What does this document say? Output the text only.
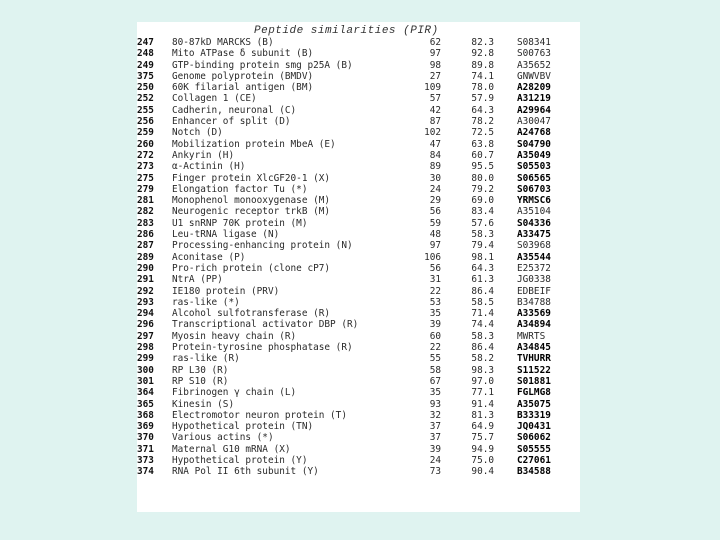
Peptide similarities (PIR)
247	80-87kD MARCKS (B)	62	82.3 S08341
248	Mito ATPase δ subunit (B)	97	92.8 S00763
249	GTP-binding protein smg p25A (B)	98	89.8 A35652
375	Genome polyprotein (BMDV)	27	74.1 GNWVBV
250	60K filarial antigen (BM)	109	78.0 A28209
252	Collagen 1 (CE)	57	57.9 A31219
255	Cadherin, neuronal (C)	42	64.3 A29964
256	Enhancer of split (D)	87	78.2 A30047
259	Notch (D)	102	72.5 A24768
260	Mobilization protein MbeA (E)	47	63.8 S04790
272	Ankyrin (H)	84	60.7 A35049
273	α-Actinin (H)	89	95.5 S05503
275	Finger protein XlcGF20-1 (X)	30	80.0 S06565
279	Elongation factor Tu (*)	24	79.2 S06703
281	Monophenol monooxygenase (M)	29	69.0 YRMSC6
282	Neurogenic receptor trkB (M)	56	83.4 A35104
283	U1 snRNP 70K protein (M)	59	57.6 S04336
286	Leu-tRNA ligase (N)	48	58.3 A33475
287	Processing-enhancing protein (N)	97	79.4 S03968
289	Aconitase (P)	106	98.1 A35544
290	Pro-rich protein (clone cP7)	56	64.3 E25372
291	NtrA (PP)	31	61.3 JG0338
292	IE180 protein (PRV)	22	86.4 EDBEIF
293	ras-like (*)	53	58.5 B34788
294	Alcohol sulfotransferase (R)	35	71.4 A33569
296	Transcriptional activator DBP (R)	39	74.4 A34894
297	Myosin heavy chain (R)	60	58.3 MWRTS
298	Protein-tyrosine phosphatase (R)	22	86.4 A34845
299	ras-like (R)	55	58.2 TVHURR
300	RP L30 (R)	58	98.3 S11522
301	RP S10 (R)	67	97.0 S01881
364	Fibrinogen γ chain (L)	35	77.1 FGLMG8
365	Kinesin (S)	93	91.4 A35075
368	Electromotor neuron protein (T)	32	81.3 B33319
369	Hypothetical protein (TN)	37	64.9 JQ0431
370	Various actins (*)	37	75.7 S06062
371	Maternal G10 mRNA (X)	39	94.9 S05555
373	Hypothetical protein (Y)	24	75.0 C27061
374	RNA Pol II 6th subunit (Y)	73	90.4 B34588
